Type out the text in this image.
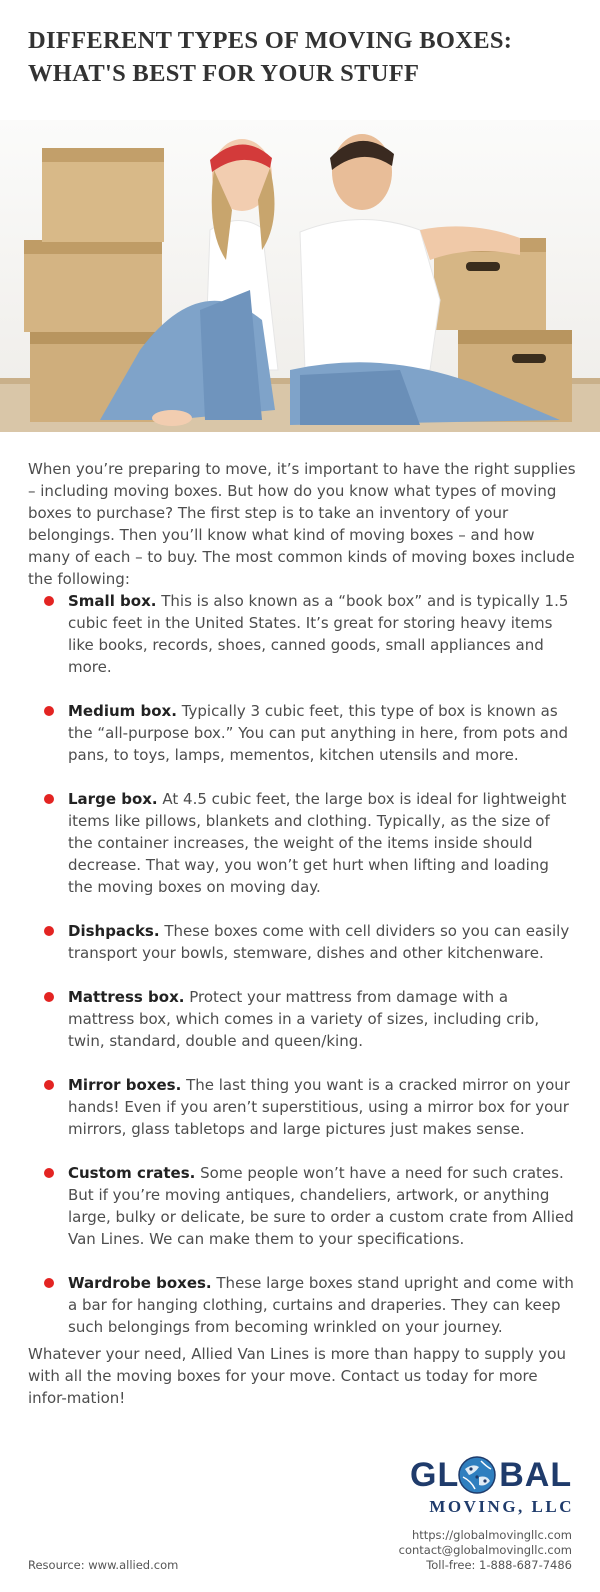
DIFFERENT TYPES OF MOVING BOXES:
WHAT'S BEST FOR YOUR STUFF

When you’re preparing to move, it’s important to have the right supplies – including moving boxes. But how do you know what types of moving boxes to purchase? The first step is to take an inventory of your belongings. Then you’ll know what kind of moving boxes – and how many of each – to buy. The most common kinds of moving boxes include the following:

Small box. This is also known as a “book box” and is typically 1.5 cubic feet in the United States. It’s great for storing heavy items like books, records, shoes, canned goods, small appliances and more.
Medium box. Typically 3 cubic feet, this type of box is known as the “all-purpose box.” You can put anything in here, from pots and pans, to toys, lamps, mementos, kitchen utensils and more.
Large box. At 4.5 cubic feet, the large box is ideal for lightweight items like pillows, blankets and clothing. Typically, as the size of the container increases, the weight of the items inside should decrease. That way, you won’t get hurt when lifting and loading the moving boxes on moving day.
Dishpacks. These boxes come with cell dividers so you can easily transport your bowls, stemware, dishes and other kitchenware.
Mattress box. Protect your mattress from damage with a mattress box, which comes in a variety of sizes, including crib, twin, standard, double and queen/king.
Mirror boxes. The last thing you want is a cracked mirror on your hands! Even if you aren’t superstitious, using a mirror box for your mirrors, glass tabletops and large pictures just makes sense.
Custom crates. Some people won’t have a need for such crates. But if you’re moving antiques, chandeliers, artwork, or anything large, bulky or delicate, be sure to order a custom crate from Allied Van Lines. We can make them to your specifications.
Wardrobe boxes. These large boxes stand upright and come with a bar for hanging clothing, curtains and draperies. They can keep such belongings from becoming wrinkled on your journey.

Whatever your need, Allied Van Lines is more than happy to supply you with all the moving boxes for your move. Contact us today for more infor-mation!

GL BAL
MOVING, LLC
https://globalmovingllc.com
contact@globalmovingllc.com
Toll-free: 1-888-687-7486
Resource: www.allied.com
